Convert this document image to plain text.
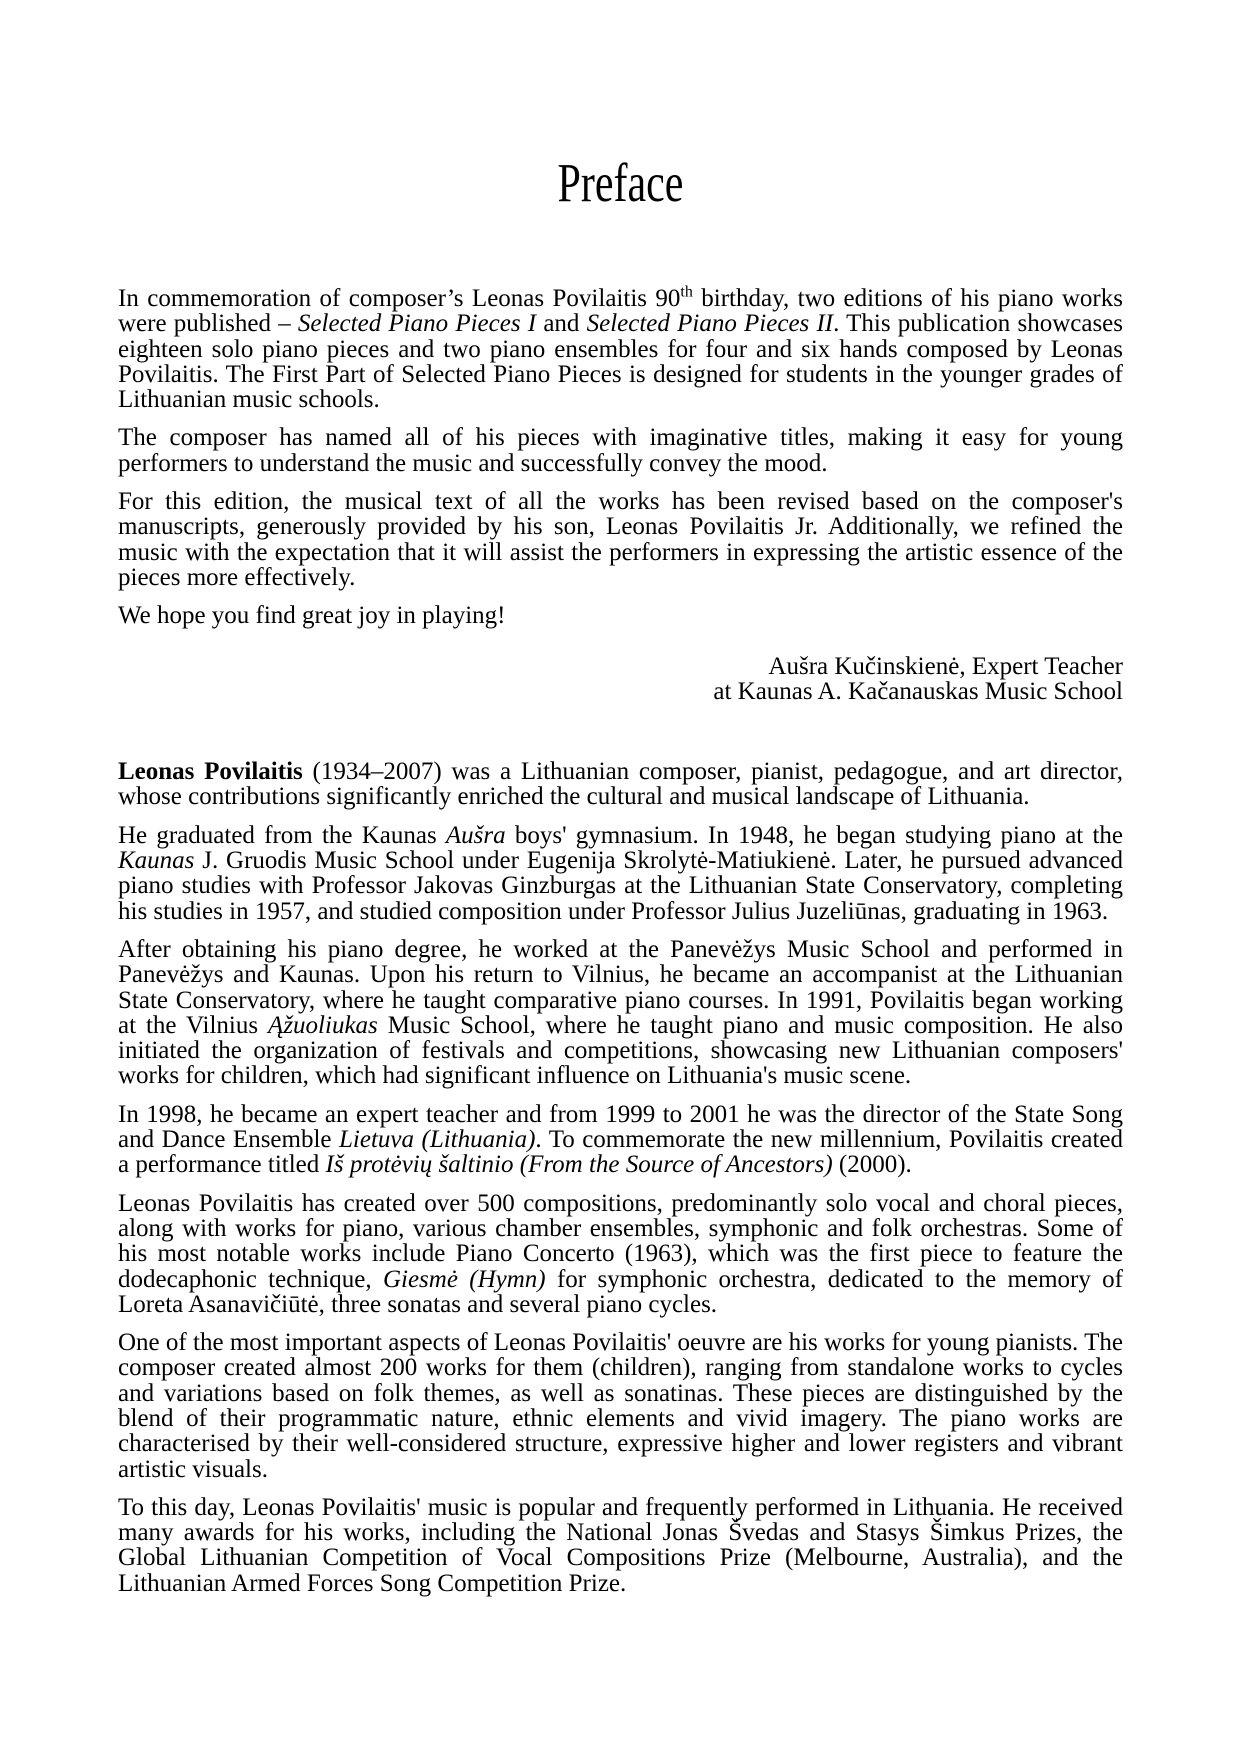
Preface

In commemoration of composer’s Leonas Povilaitis 90th birthday, two editions of his piano works were published – Selected Piano Pieces I and Selected Piano Pieces II. This publication showcases eighteen solo piano pieces and two piano ensembles for four and six hands composed by Leonas Povilaitis. The First Part of Selected Piano Pieces is designed for students in the younger grades of Lithuanian music schools.

The composer has named all of his pieces with imaginative titles, making it easy for young performers to understand the music and successfully convey the mood.

For this edition, the musical text of all the works has been revised based on the composer's manuscripts, generously provided by his son, Leonas Povilaitis Jr. Additionally, we refined the music with the expectation that it will assist the performers in expressing the artistic essence of the pieces more effectively.

We hope you find great joy in playing!

Aušra Kučinskienė, Expert Teacher
at Kaunas A. Kačanauskas Music School

Leonas Povilaitis (1934–2007) was a Lithuanian composer, pianist, pedagogue, and art director, whose contributions significantly enriched the cultural and musical landscape of Lithuania.

He graduated from the Kaunas Aušra boys' gymnasium. In 1948, he began studying piano at the Kaunas J. Gruodis Music School under Eugenija Skrolytė-Matiukienė. Later, he pursued advanced piano studies with Professor Jakovas Ginzburgas at the Lithuanian State Conservatory, completing his studies in 1957, and studied composition under Professor Julius Juzeliūnas, graduating in 1963.

After obtaining his piano degree, he worked at the Panevėžys Music School and performed in Panevėžys and Kaunas. Upon his return to Vilnius, he became an accompanist at the Lithuanian State Conservatory, where he taught comparative piano courses. In 1991, Povilaitis began working at the Vilnius Ąžuoliukas Music School, where he taught piano and music composition. He also initiated the organization of festivals and competitions, showcasing new Lithuanian composers' works for children, which had significant influence on Lithuania's music scene.

In 1998, he became an expert teacher and from 1999 to 2001 he was the director of the State Song and Dance Ensemble Lietuva (Lithuania). To commemorate the new millennium, Povilaitis created a performance titled Iš protėvių šaltinio (From the Source of Ancestors) (2000).

Leonas Povilaitis has created over 500 compositions, predominantly solo vocal and choral pieces, along with works for piano, various chamber ensembles, symphonic and folk orchestras. Some of his most notable works include Piano Concerto (1963), which was the first piece to feature the dodecaphonic technique, Giesmė (Hymn) for symphonic orchestra, dedicated to the memory of Loreta Asanavičiūtė, three sonatas and several piano cycles.

One of the most important aspects of Leonas Povilaitis' oeuvre are his works for young pianists. The composer created almost 200 works for them (children), ranging from standalone works to cycles and variations based on folk themes, as well as sonatinas. These pieces are distinguished by the blend of their programmatic nature, ethnic elements and vivid imagery. The piano works are characterised by their well-considered structure, expressive higher and lower registers and vibrant artistic visuals.

To this day, Leonas Povilaitis' music is popular and frequently performed in Lithuania. He received many awards for his works, including the National Jonas Švedas and Stasys Šimkus Prizes, the Global Lithuanian Competition of Vocal Compositions Prize (Melbourne, Australia), and the Lithuanian Armed Forces Song Competition Prize.
